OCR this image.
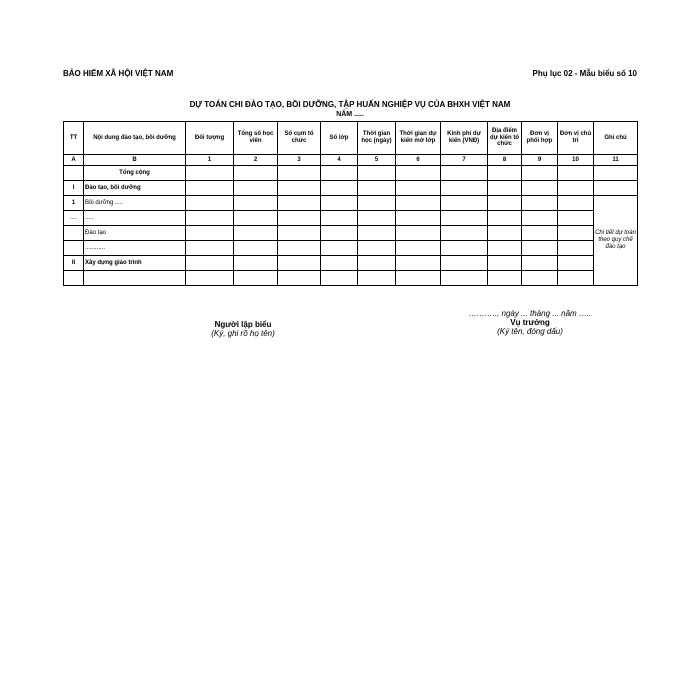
BẢO HIỂM XÃ HỘI VIỆT NAM	Phụ lục 02 - Mẫu biểu số 10
DỰ TOÁN CHI ĐÀO TẠO, BỒI DƯỠNG, TẬP HUẤN NGHIỆP VỤ CỦA BHXH VIỆT NAM
NĂM .....
TT	Nội dung đào tạo, bồi dưỡng	Đối tượng	Tổng số học viên	Số cụm tổ chức	Số lớp	Thời gian học (ngày)	Thời gian dự kiến mở lớp	Kinh phí dự kiến (VNĐ)	Địa điểm dự kiến tổ chức	Đơn vị phối hợp	Đơn vị chủ trì	Ghi chú
A	B	1	2	3	4	5	6	7	8	9	10	11
	Tổng cộng											
I	Đào tạo, bồi dưỡng											
1	Bồi dưỡng .....											Chi tiết dự toán theo quy chế đào tạo
....	.....											
	Đào tạo											
	............											
II	Xây dựng giáo trình											

Người lập biểu
(Ký, ghi rõ họ tên)
……….., ngày ... tháng ... năm …..
Vụ trưởng
(Ký tên, đóng dấu)
